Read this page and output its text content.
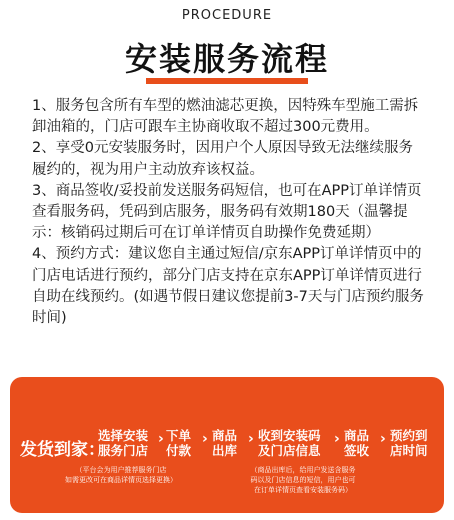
PROCEDURE
安装服务流程

1、服务包含所有车型的燃油滤芯更换，因特殊车型施工需拆卸油箱的，门店可跟车主协商收取不超过300元费用。

2、享受0元安装服务时，因用户个人原因导致无法继续服务履约的，视为用户主动放弃该权益。

3、商品签收/妥投前发送服务码短信，也可在APP订单详情页查看服务码，凭码到店服务，服务码有效期180天（温馨提示：核销码过期后可在订单详情页自助操作免费延期）

4、预约方式：建议您自主通过短信/京东APP订单详情页中的门店电话进行预约，部分门店支持在京东APP订单详情页进行自助在线预约。(如遇节假日建议您提前3-7天与门店预约服务时间)

发货到家：
选择安装
服务门店
› 下单
付款
› 商品
出库
› 收到安装码
及门店信息
› 商品
签收
› 预约到
店时间
（平台会为用户推荐服务门店
如需更改可在商品详情页选择更换）
（商品出库后，给用户发送含服务
码以及门店信息的短信，用户也可
在订单详情页查看安装服务码）
